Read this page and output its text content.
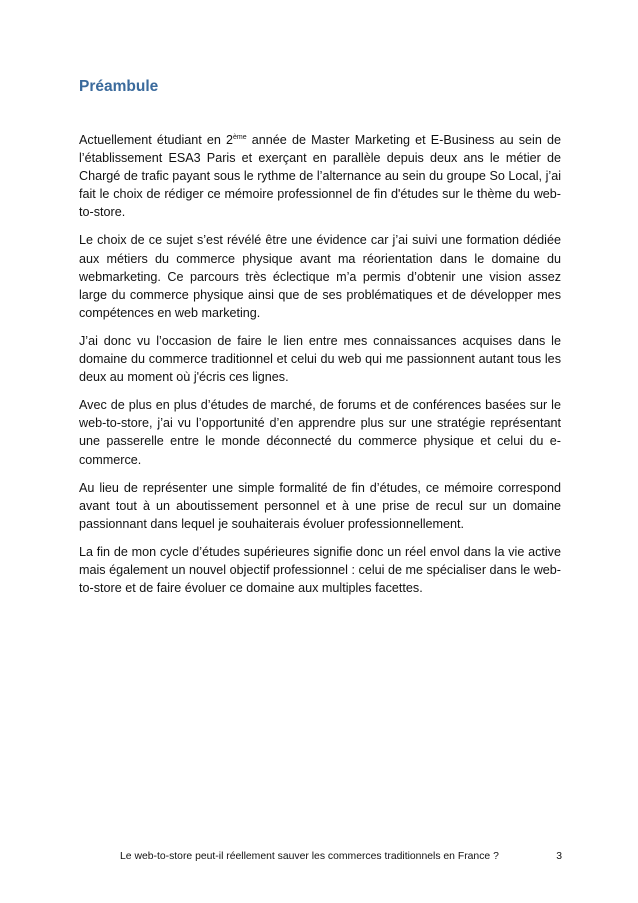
Préambule

Actuellement étudiant en 2ème année de Master Marketing et E-Business au sein de l’établissement ESA3 Paris et exerçant en parallèle depuis deux ans le métier de Chargé de trafic payant sous le rythme de l’alternance au sein du groupe So Local, j’ai fait le choix de rédiger ce mémoire professionnel de fin d'études sur le thème du web-to-store.

Le choix de ce sujet s’est révélé être une évidence car j’ai suivi une formation dédiée aux métiers du commerce physique avant ma réorientation dans le domaine du webmarketing. Ce parcours très éclectique m’a permis d’obtenir une vision assez large du commerce physique ainsi que de ses problématiques et de développer mes compétences en web marketing.

J’ai donc vu l’occasion de faire le lien entre mes connaissances acquises dans le domaine du commerce traditionnel et celui du web qui me passionnent autant tous les deux au moment où j'écris ces lignes.

Avec de plus en plus d’études de marché, de forums et de conférences basées sur le web-to-store, j’ai vu l’opportunité d’en apprendre plus sur une stratégie représentant une passerelle entre le monde déconnecté du commerce physique et celui du e-commerce.

Au lieu de représenter une simple formalité de fin d’études, ce mémoire correspond avant tout à un aboutissement personnel et à une prise de recul sur un domaine passionnant dans lequel je souhaiterais évoluer professionnellement.

La fin de mon cycle d’études supérieures signifie donc un réel envol dans la vie active mais également un nouvel objectif professionnel : celui de me spécialiser dans le web-to-store et de faire évoluer ce domaine aux multiples facettes.

Le web-to-store peut-il réellement sauver les commerces traditionnels en France ?	3
